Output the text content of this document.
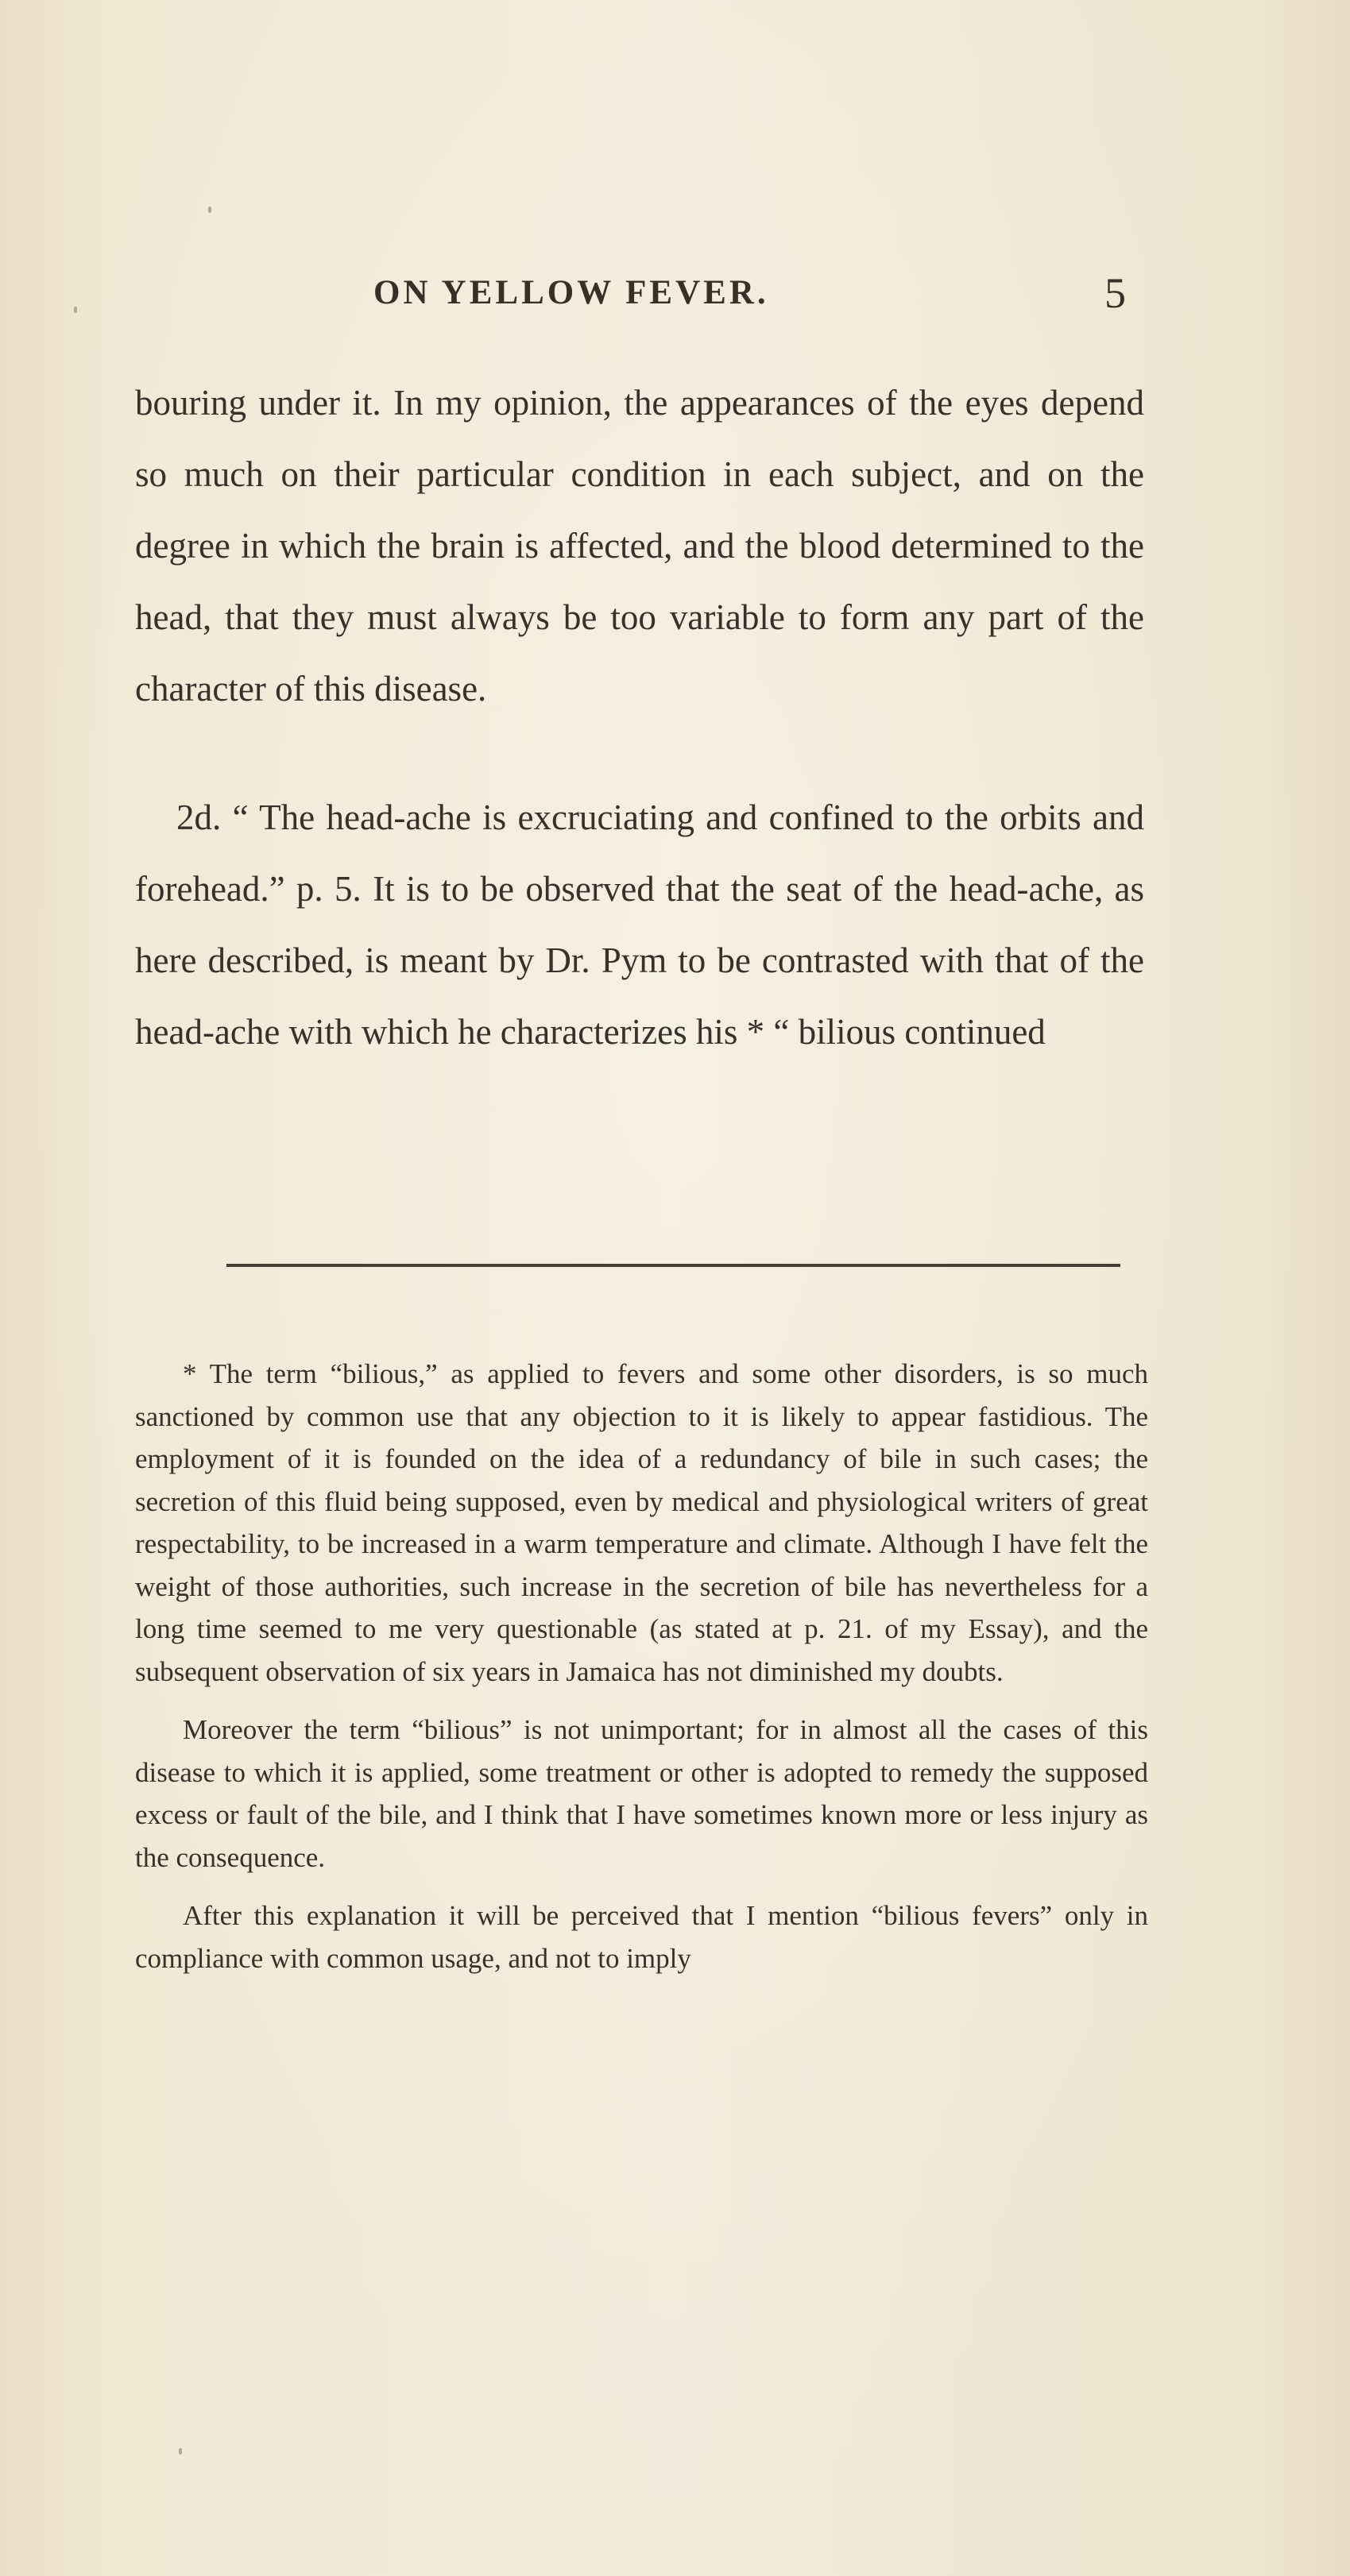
ON YELLOW FEVER.	5

bouring under it. In my opinion, the appearances of the eyes depend so much on their particular condition in each subject, and on the degree in which the brain is affected, and the blood determined to the head, that they must always be too variable to form any part of the character of this disease.

2d. “ The head-ache is excruciating and confined to the orbits and forehead.” p. 5. It is to be observed that the seat of the head-ache, as here described, is meant by Dr. Pym to be contrasted with that of the head-ache with which he characterizes his * “ bilious continued

* The term “bilious,” as applied to fevers and some other disorders, is so much sanctioned by common use that any objection to it is likely to appear fastidious. The employment of it is founded on the idea of a redundancy of bile in such cases; the secretion of this fluid being supposed, even by medical and physiological writers of great respectability, to be increased in a warm temperature and climate. Although I have felt the weight of those authorities, such increase in the secretion of bile has nevertheless for a long time seemed to me very questionable (as stated at p. 21. of my Essay), and the subsequent observation of six years in Jamaica has not diminished my doubts.

Moreover the term “bilious” is not unimportant; for in almost all the cases of this disease to which it is applied, some treatment or other is adopted to remedy the supposed excess or fault of the bile, and I think that I have sometimes known more or less injury as the consequence.

After this explanation it will be perceived that I mention “bilious fevers” only in compliance with common usage, and not to imply
